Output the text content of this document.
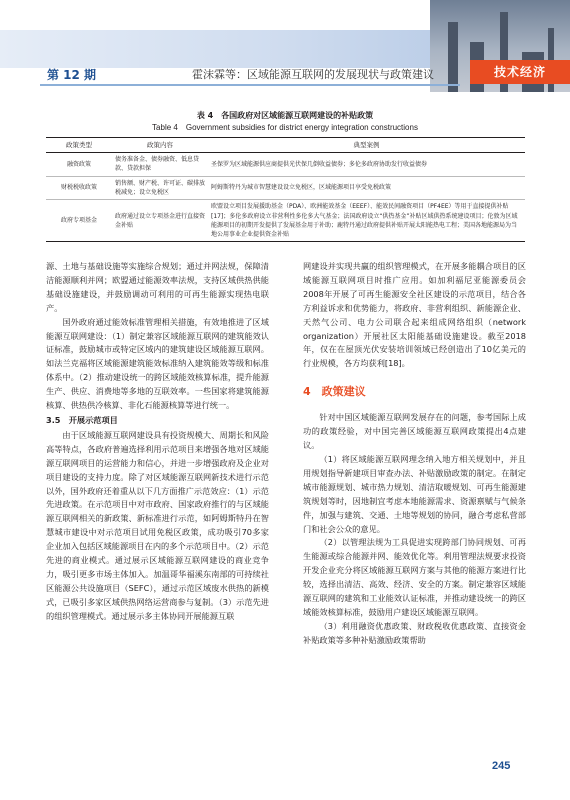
第 12 期	霍沫霖等：区域能源互联网的发展现状与政策建议	技术经济
表 4　各国政府对区域能源互联网建设的补贴政策
Table 4　Government subsidies for district energy integration constructions
政策类型	政策内容	典型案例
融资政策	债务准备金、债券融资、低息贷款、贷款担保	圣保罗为区域能源供应商提供光伏保几倒收益债券；多伦多政府协助发行收益债券
财税税收政策	销售额、财产税、许可证、碳排放税减免；设立免税区	阿姆斯特丹为城市智慧建设设立免税区，区域能源项目享受免税政策
政府专项基金	政府通过设立专项基金进行直接资金补贴	欧盟设立项目发展援助基金（PDA）、欧洲能效基金（EEEF）、能效民间融资项目（PF4EE）等用于直接提供补贴[17]；多伦多政府设立非营利性多伦多大气基金；法国政府设立“供热基金”补贴区域供热系统建设项目；伦敦为区域能源项目的初期开发提供了发展基金用于补助；鹿特丹通过政府提供补贴开展太阳能热电工程；美国各地能源局为当地公用事业企业提供资金补贴

源、土地与基础设施等实施综合规划；通过并网法规，保障清洁能源顺利并网；欧盟通过能源效率法规，支持区域供热供能基础设施建设，并鼓励调动可利用的可再生能源实现热电联产。

国外政府通过能效标准管理相关措施，有效地推进了区域能源互联网建设：（1）制定兼容区域能源互联网的建筑能效认证标准，鼓励城市或特定区域内的建筑建设区域能源互联网。如法兰克福将区域能源建筑能效标准纳入建筑能效等级和标准体系中。（2）推动建设统一的跨区域能效核算标准，提升能源生产、供应、消费地等多地的互联效率。一些国家将建筑能源核算、供热供冷核算、非化石能源核算等进行统一。

3.5　开展示范项目

由于区域能源互联网建设具有投资规模大、周期长和风险高等特点，各政府普遍选择利用示范项目来增强各地对区域能源互联网项目的运营能力和信心，并进一步增强政府及企业对项目建设的支持力度。除了对区域能源互联网新技术进行示范以外，国外政府还着重从以下几方面推广示范效应：（1）示范先进政策。在示范项目中对市政府、国家政府推行的与区域能源互联网相关的新政策、新标准进行示范，如阿姆斯特丹在智慧城市建设中对示范项目试用免税区政策，成功吸引70多家企业加入包括区域能源项目在内的多个示范项目中。（2）示范先进的商业模式。通过展示区域能源互联网建设的商业竞争力，吸引更多市场主体加入。加温哥华福溪东南部的可持续社区能源公共设施项目（SEFC），通过示范区域废水供热的新模式，已吸引多家区域供热网络运营商参与复制。（3）示范先进的组织管理模式。通过展示多主体协同开展能源互联

网建设并实现共赢的组织管理模式，在开展多能耦合项目的区域能源互联网项目时推广应用。如加利福尼亚能源委员会2008年开展了可再生能源安全社区建设的示范项目，结合各方利益诉求和优势能力，将政府、非营利组织、新能源企业、天然气公司、电力公司联合起来组成网络组织（network organization）开展社区太阳能基础设施建设。截至2018年，仅在在屋顶光伏安装培训领域已经创造出了10亿美元的行业规模，各方均获利[18]。

4　政策建议

针对中国区域能源互联网发展存在的问题，参考国际上成功的政策经验，对中国完善区域能源互联网政策提出4点建议。

（1）将区域能源互联网理念纳入地方相关规划中，并且用规划指导新建项目审查办法、补贴激励政策的制定。在制定城市能源规划、城市热力规划、清洁取暖规划、可再生能源建筑规划等时，因地制宜考虑本地能源需求、资源禀赋与气候条件，加强与建筑、交通、土地等规划的协同，融合考虑私营部门和社会公众的意见。

（2）以管理法规为工具促进实现跨部门协同规划、可再生能源或综合能源并网、能效优化等。利用管理法规要求投资开发企业充分将区域能源互联网方案与其他的能源方案进行比较，选择出清洁、高效、经济、安全的方案。制定兼容区域能源互联网的建筑和工业能效认证标准，并推动建设统一的跨区域能效核算标准，鼓励用户建设区域能源互联网。

（3）利用融资优惠政策、财政税收优惠政策、直接资金补贴政策等多种补贴激励政策帮助

245
